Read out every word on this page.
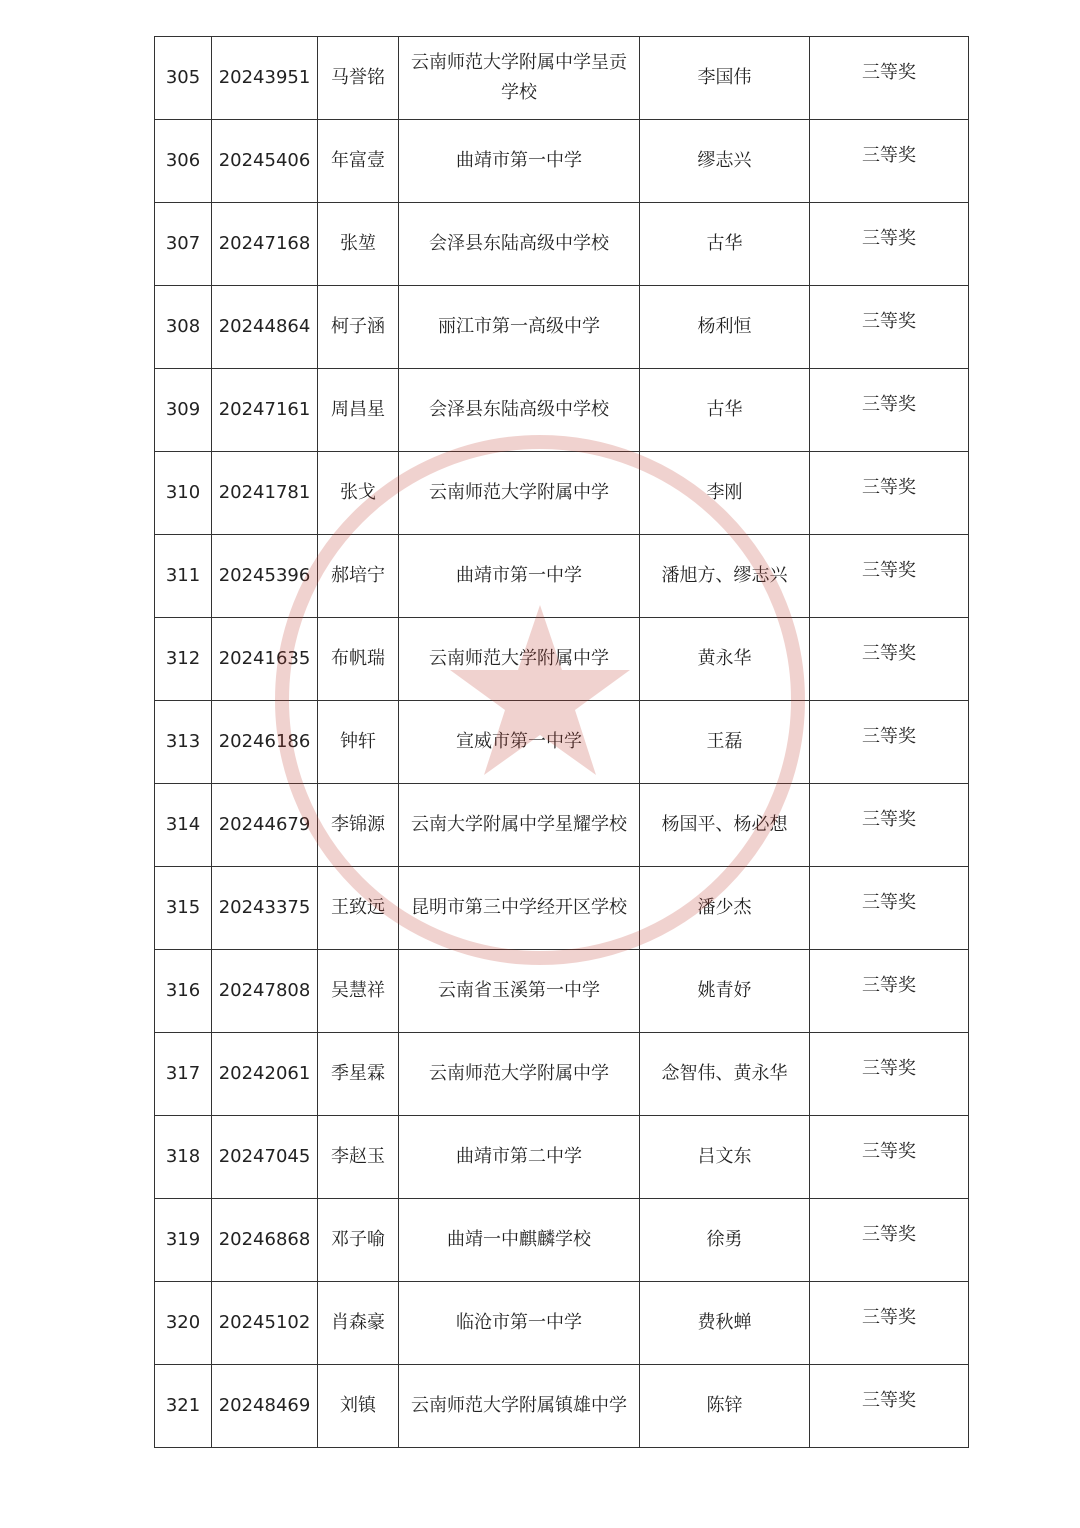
305	20243951	马誉铭	云南师范大学附属中学呈贡学校	李国伟	三等奖
306	20245406	年富壹	曲靖市第一中学	缪志兴	三等奖
307	20247168	张堃	会泽县东陆高级中学校	古华	三等奖
308	20244864	柯子涵	丽江市第一高级中学	杨利恒	三等奖
309	20247161	周昌星	会泽县东陆高级中学校	古华	三等奖
310	20241781	张戈	云南师范大学附属中学	李刚	三等奖
311	20245396	郝培宁	曲靖市第一中学	潘旭方、缪志兴	三等奖
312	20241635	布帆瑞	云南师范大学附属中学	黄永华	三等奖
313	20246186	钟轩	宣威市第一中学	王磊	三等奖
314	20244679	李锦源	云南大学附属中学星耀学校	杨国平、杨必想	三等奖
315	20243375	王致远	昆明市第三中学经开区学校	潘少杰	三等奖
316	20247808	吴慧祥	云南省玉溪第一中学	姚青妤	三等奖
317	20242061	季星霖	云南师范大学附属中学	念智伟、黄永华	三等奖
318	20247045	李赵玉	曲靖市第二中学	吕文东	三等奖
319	20246868	邓子喻	曲靖一中麒麟学校	徐勇	三等奖
320	20245102	肖森豪	临沧市第一中学	费秋蝉	三等奖
321	20248469	刘镇	云南师范大学附属镇雄中学	陈锌	三等奖
